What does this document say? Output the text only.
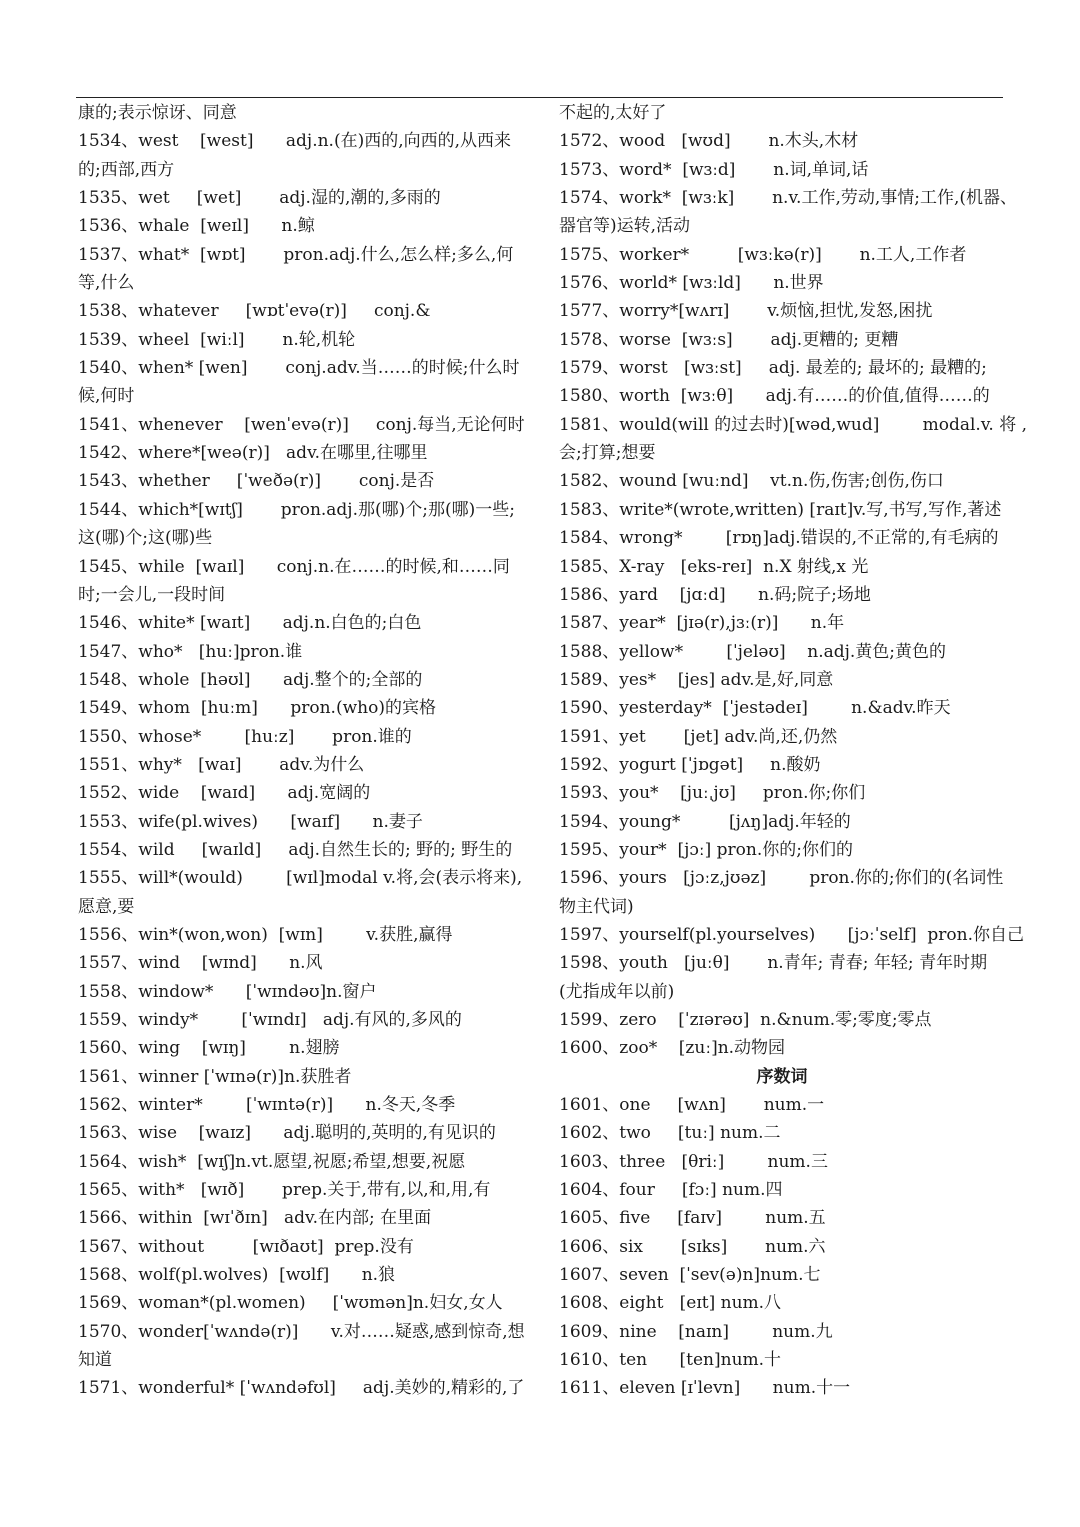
康的;表示惊讶、同意
1534、west    [west]      adj.n.(在)西的,向西的,从西来
的;西部,西方
1535、wet     [wet]       adj.湿的,潮的,多雨的
1536、whale  [weɪl]      n.鲸
1537、what*  [wɒt]       pron.adj.什么,怎么样;多么,何
等,什么
1538、whatever     [wɒtˈevə(r)]     conj.&
1539、wheel  [wiːl]       n.轮,机轮
1540、when* [wen]       conj.adv.当……的时候;什么时
候,何时
1541、whenever    [wenˈevə(r)]     conj.每当,无论何时
1542、where*[weə(r)]   adv.在哪里,往哪里
1543、whether     [ˈweðə(r)]       conj.是否
1544、which*[wɪtʃ]       pron.adj.那(哪)个;那(哪)一些;
这(哪)个;这(哪)些
1545、while  [waɪl]      conj.n.在……的时候,和……同
时;一会儿,一段时间
1546、white* [waɪt]      adj.n.白色的;白色
1547、who*   [huː]pron.谁
1548、whole  [həʊl]      adj.整个的;全部的
1549、whom  [huːm]      pron.(who)的宾格
1550、whose*        [huːz]       pron.谁的
1551、why*   [waɪ]       adv.为什么
1552、wide    [waɪd]      adj.宽阔的
1553、wife(pl.wives)      [waɪf]      n.妻子
1554、wild     [waɪld]     adj.自然生长的; 野的; 野生的
1555、will*(would)        [wɪl]modal v.将,会(表示将来),
愿意,要
1556、win*(won,won)  [wɪn]        v.获胜,赢得
1557、wind    [wɪnd]      n.风
1558、window*      [ˈwɪndəʊ]n.窗户
1559、windy*        [ˈwɪndɪ]   adj.有风的,多风的
1560、wing    [wɪŋ]        n.翅膀
1561、winner [ˈwɪnə(r)]n.获胜者
1562、winter*        [ˈwɪntə(r)]      n.冬天,冬季
1563、wise    [waɪz]      adj.聪明的,英明的,有见识的
1564、wish*  [wɪʃ]n.vt.愿望,祝愿;希望,想要,祝愿
1565、with*   [wɪð]       prep.关于,带有,以,和,用,有
1566、within  [wɪˈðɪn]   adv.在内部; 在里面
1567、without         [wɪðaʊt]  prep.没有
1568、wolf(pl.wolves)  [wʊlf]      n.狼
1569、woman*(pl.women)     [ˈwʊmən]n.妇女,女人
1570、wonder[ˈwʌndə(r)]      v.对……疑惑,感到惊奇,想
知道
1571、wonderful* [ˈwʌndəfʊl]     adj.美妙的,精彩的,了
不起的,太好了
1572、wood   [wʊd]       n.木头,木材
1573、word*  [wɜːd]       n.词,单词,话
1574、work*  [wɜːk]       n.v.工作,劳动,事情;工作,(机器、
器官等)运转,活动
1575、worker*         [wɜːkə(r)]       n.工人,工作者
1576、world* [wɜːld]      n.世界
1577、worry*[wʌrɪ]       v.烦恼,担忧,发怒,困扰
1578、worse  [wɜːs]       adj.更糟的; 更糟
1579、worst   [wɜːst]     adj. 最差的; 最坏的; 最糟的;
1580、worth  [wɜːθ]      adj.有……的价值,值得……的
1581、would(will 的过去时)[wəd,wud]        modal.v. 将 ,
会;打算;想要
1582、wound [wuːnd]    vt.n.伤,伤害;创伤,伤口
1583、write*(wrote,written) [raɪt]v.写,书写,写作,著述
1584、wrong*        [rɒŋ]adj.错误的,不正常的,有毛病的
1585、X-ray   [eks-reɪ]  n.X 射线,x 光
1586、yard    [jɑːd]      n.码;院子;场地
1587、year*  [jɪə(r),jɜː(r)]      n.年
1588、yellow*        [ˈjeləʊ]    n.adj.黄色;黄色的
1589、yes*    [jes] adv.是,好,同意
1590、yesterday*  [ˈjestədeɪ]        n.&adv.昨天
1591、yet       [jet] adv.尚,还,仍然
1592、yogurt [ˈjɒgət]     n.酸奶
1593、you*    [juːˌjʊ]     pron.你;你们
1594、young*         [jʌŋ]adj.年轻的
1595、your*  [jɔː] pron.你的;你们的
1596、yours   [jɔːz,jʊəz]        pron.你的;你们的(名词性
物主代词)
1597、yourself(pl.yourselves)      [jɔːˈself]  pron.你自己
1598、youth   [juːθ]       n.青年; 青春; 年轻; 青年时期
(尤指成年以前)
1599、zero    [ˈzɪərəʊ]  n.&num.零;零度;零点
1600、zoo*    [zuː]n.动物园
序数词
1601、one     [wʌn]       num.一
1602、two     [tuː] num.二
1603、three   [θriː]        num.三
1604、four     [fɔː] num.四
1605、five     [faɪv]        num.五
1606、six       [sɪks]       num.六
1607、seven  [ˈsev(ə)n]num.七
1608、eight   [eɪt] num.八
1609、nine    [naɪn]        num.九
1610、ten      [ten]num.十
1611、eleven [ɪˈlevn]      num.十一
